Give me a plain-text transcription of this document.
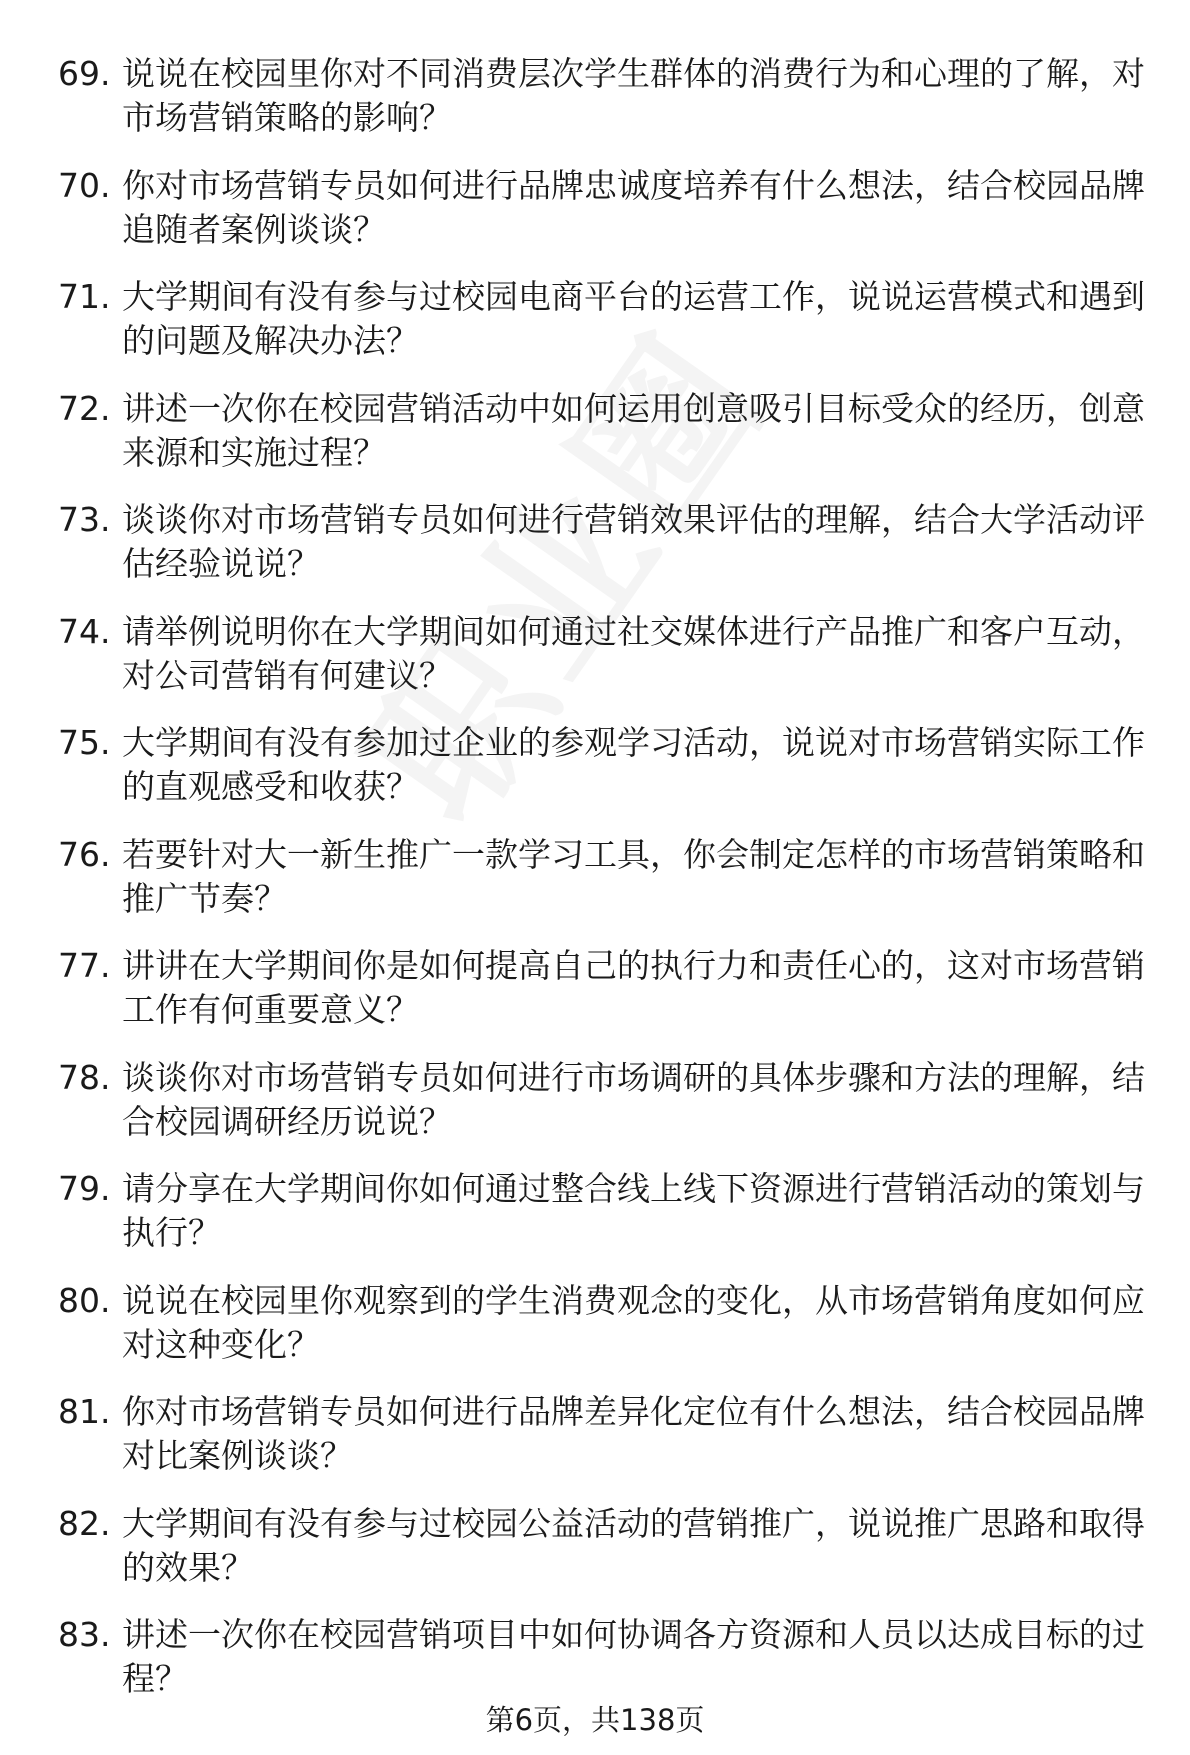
69. 说说在校园里你对不同消费层次学生群体的消费行为和心理的了解，对市场营销策略的影响？
70. 你对市场营销专员如何进行品牌忠诚度培养有什么想法，结合校园品牌追随者案例谈谈？
71. 大学期间有没有参与过校园电商平台的运营工作，说说运营模式和遇到的问题及解决办法？
72. 讲述一次你在校园营销活动中如何运用创意吸引目标受众的经历，创意来源和实施过程？
73. 谈谈你对市场营销专员如何进行营销效果评估的理解，结合大学活动评估经验说说？
74. 请举例说明你在大学期间如何通过社交媒体进行产品推广和客户互动，对公司营销有何建议？
75. 大学期间有没有参加过企业的参观学习活动，说说对市场营销实际工作的直观感受和收获？
76. 若要针对大一新生推广一款学习工具，你会制定怎样的市场营销策略和推广节奏？
77. 讲讲在大学期间你是如何提高自己的执行力和责任心的，这对市场营销工作有何重要意义？
78. 谈谈你对市场营销专员如何进行市场调研的具体步骤和方法的理解，结合校园调研经历说说？
79. 请分享在大学期间你如何通过整合线上线下资源进行营销活动的策划与执行？
80. 说说在校园里你观察到的学生消费观念的变化，从市场营销角度如何应对这种变化？
81. 你对市场营销专员如何进行品牌差异化定位有什么想法，结合校园品牌对比案例谈谈？
82. 大学期间有没有参与过校园公益活动的营销推广，说说推广思路和取得的效果？
83. 讲述一次你在校园营销项目中如何协调各方资源和人员以达成目标的过程？
第6页，共138页
